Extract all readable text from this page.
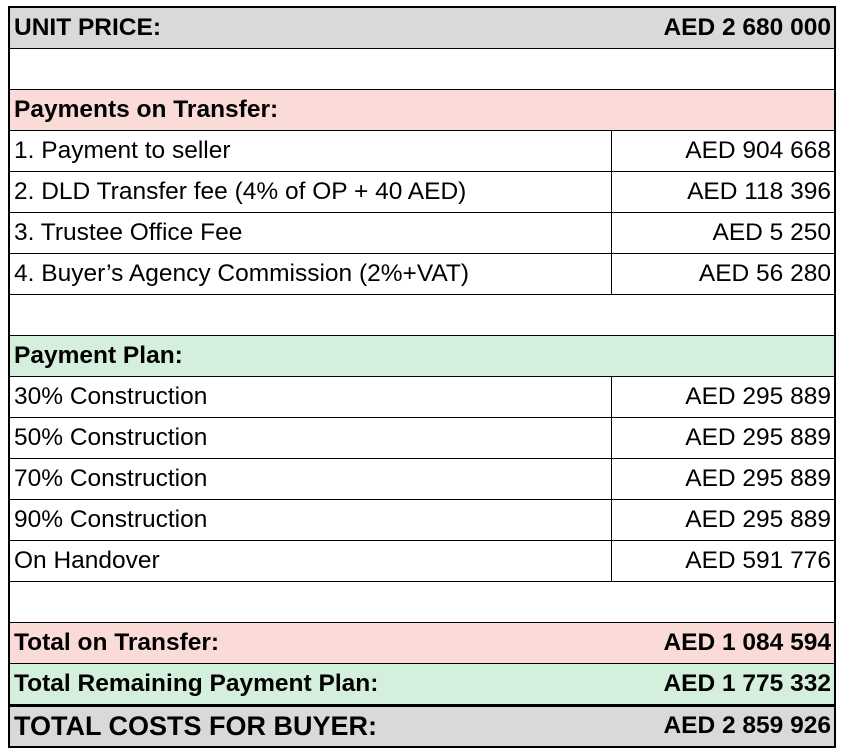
UNIT PRICE:	AED 2 680 000
Payments on Transfer:
1. Payment to seller	AED 904 668
2. DLD Transfer fee (4% of OP + 40 AED)	AED 118 396
3. Trustee Office Fee	AED 5 250
4. Buyer’s Agency Commission (2%+VAT)	AED 56 280
Payment Plan:
30% Construction	AED 295 889
50% Construction	AED 295 889
70% Construction	AED 295 889
90% Construction	AED 295 889
On Handover	AED 591 776
Total on Transfer:	AED 1 084 594
Total Remaining Payment Plan:	AED 1 775 332
TOTAL COSTS FOR BUYER:	AED 2 859 926
